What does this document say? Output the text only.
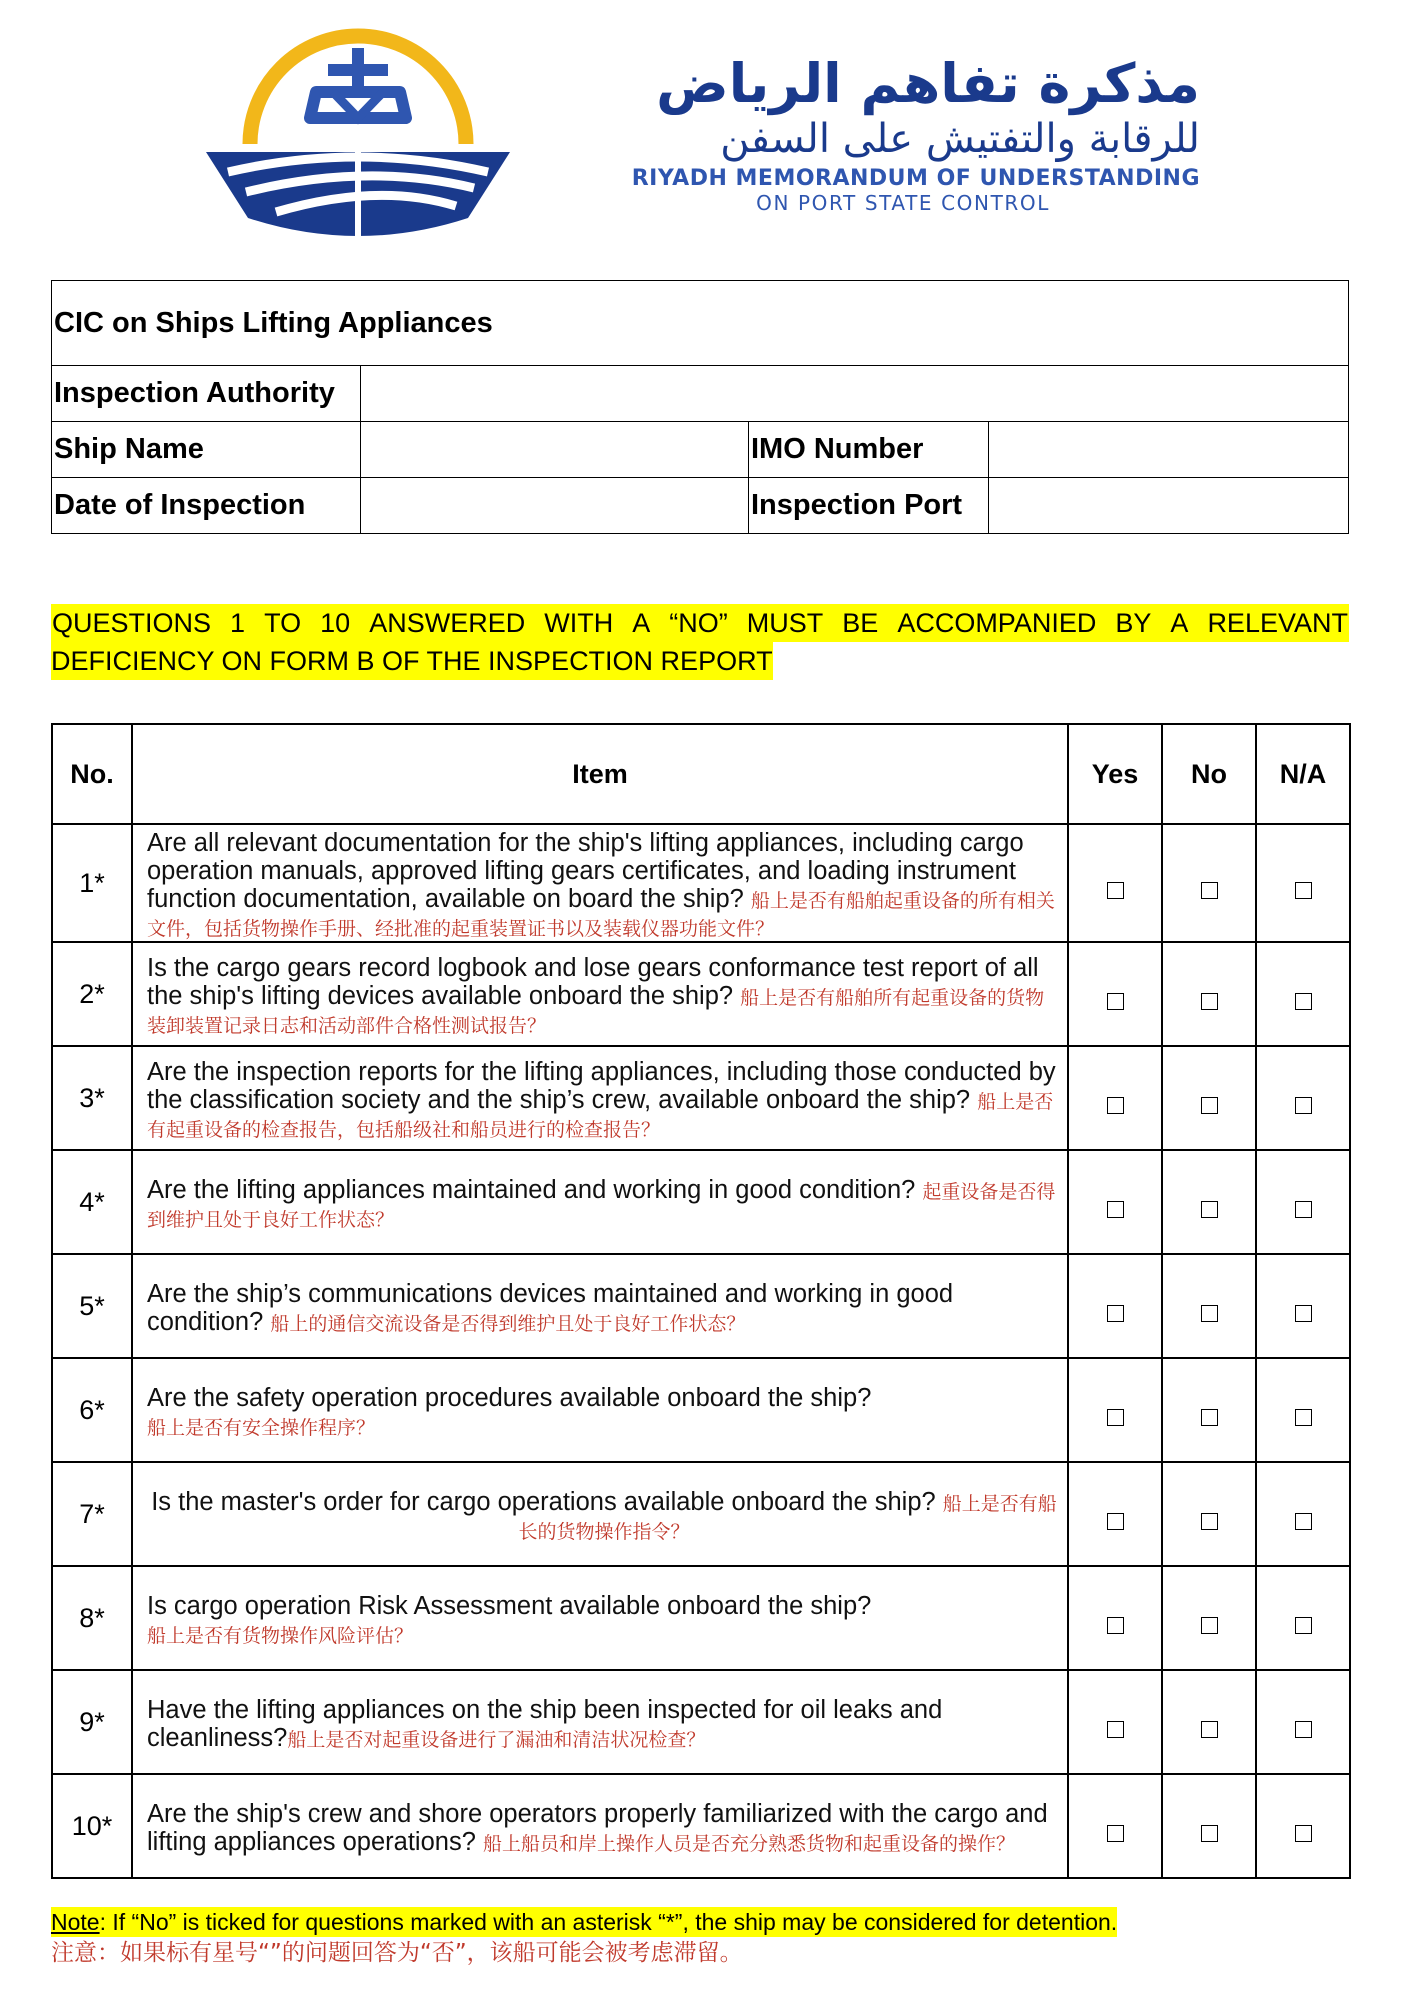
مذكرة تفاهم الرياض
للرقابة والتفتيش على السفن
RIYADH MEMORANDUM OF UNDERSTANDING
ON PORT STATE CONTROL
CIC on Ships Lifting Appliances			
Inspection Authority			
Ship Name		IMO Number	
Date of Inspection		Inspection Port	
QUESTIONS 1 TO 10 ANSWERED WITH A “NO” MUST BE ACCOMPANIED BY A RELEVANT
DEFICIENCY ON FORM B OF THE INSPECTION REPORT
No.	Item	Yes	No	N/A
1*	Are all relevant documentation for the ship's lifting appliances, including cargo operation manuals, approved lifting gears certificates, and loading instrument function documentation, available on board the ship? 船上是否有船舶起重设备的所有相关文件，包括货物操作手册、经批准的起重装置证书以及装载仪器功能文件？			
2*	Is the cargo gears record logbook and lose gears conformance test report of all the ship's lifting devices available onboard the ship? 船上是否有船舶所有起重设备的货物装卸装置记录日志和活动部件合格性测试报告？			
3*	Are the inspection reports for the lifting appliances, including those conducted by the classification society and the ship’s crew, available onboard the ship? 船上是否有起重设备的检查报告，包括船级社和船员进行的检查报告？			
4*	Are the lifting appliances maintained and working in good condition? 起重设备是否得到维护且处于良好工作状态？			
5*	Are the ship’s communications devices maintained and working in good condition? 船上的通信交流设备是否得到维护且处于良好工作状态？			
6*	Are the safety operation procedures available onboard the ship?
船上是否有安全操作程序？			
7*	Is the master's order for cargo operations available onboard the ship? 船上是否有船长的货物操作指令？			
8*	Is cargo operation Risk Assessment available onboard the ship?
船上是否有货物操作风险评估？			
9*	Have the lifting appliances on the ship been inspected for oil leaks and cleanliness?船上是否对起重设备进行了漏油和清洁状况检查？			
10*	Are the ship's crew and shore operators properly familiarized with the cargo and lifting appliances operations? 船上船员和岸上操作人员是否充分熟悉货物和起重设备的操作？			
Note: If “No” is ticked for questions marked with an asterisk “*”, the ship may be considered for detention.
注意：如果标有星号“”的问题回答为“否”，该船可能会被考虑滞留。
